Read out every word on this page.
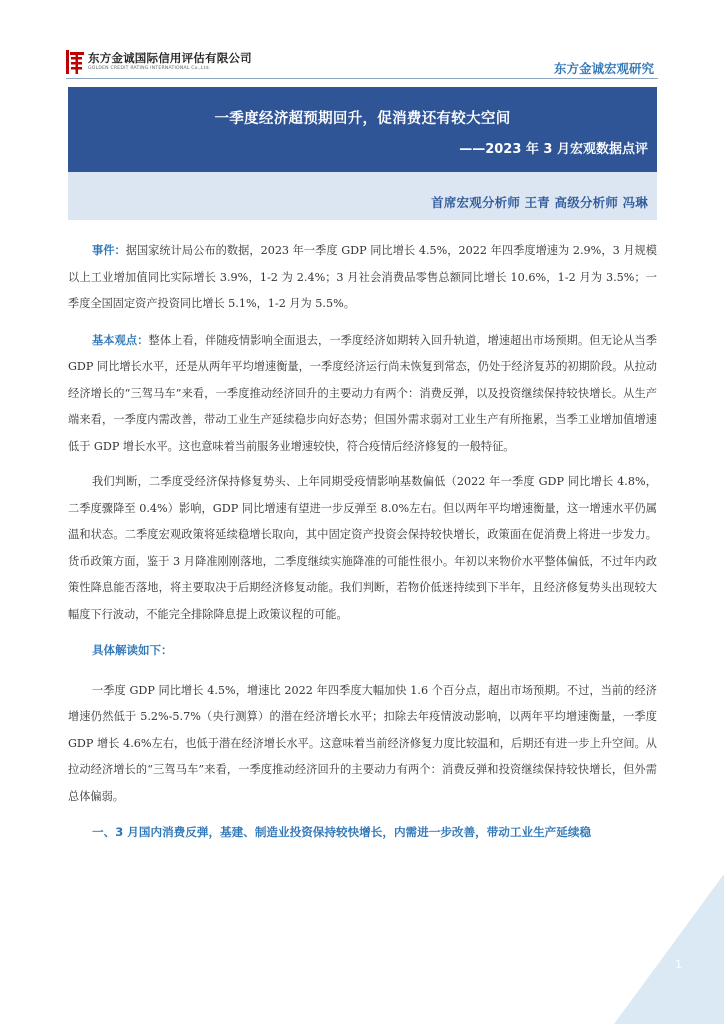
东方金诚国际信用评估有限公司
GOLDEN CREDIT RATING INTERNATIONAL Co.,Ltd.	东方金诚宏观研究
一季度经济超预期回升，促消费还有较大空间
——2023 年 3 月宏观数据点评
首席宏观分析师 王青 高级分析师 冯琳

事件：据国家统计局公布的数据，2023 年一季度 GDP 同比增长 4.5%，2022 年四季度增速为 2.9%，3 月规模以上工业增加值同比实际增长 3.9%，1-2 为 2.4%；3 月社会消费品零售总额同比增长 10.6%，1-2 月为 3.5%；一季度全国固定资产投资同比增长 5.1%，1-2 月为 5.5%。

基本观点：整体上看，伴随疫情影响全面退去，一季度经济如期转入回升轨道，增速超出市场预期。但无论从当季 GDP 同比增长水平，还是从两年平均增速衡量，一季度经济运行尚未恢复到常态，仍处于经济复苏的初期阶段。从拉动经济增长的“三驾马车”来看，一季度推动经济回升的主要动力有两个：消费反弹，以及投资继续保持较快增长。从生产端来看，一季度内需改善，带动工业生产延续稳步向好态势；但国外需求弱对工业生产有所拖累，当季工业增加值增速低于 GDP 增长水平。这也意味着当前服务业增速较快，符合疫情后经济修复的一般特征。

我们判断，二季度受经济保持修复势头、上年同期受疫情影响基数偏低（2022 年一季度 GDP 同比增长 4.8%，二季度骤降至 0.4%）影响，GDP 同比增速有望进一步反弹至 8.0%左右。但以两年平均增速衡量，这一增速水平仍属温和状态。二季度宏观政策将延续稳增长取向，其中固定资产投资会保持较快增长，政策面在促消费上将进一步发力。货币政策方面，鉴于 3 月降准刚刚落地，二季度继续实施降准的可能性很小。年初以来物价水平整体偏低，不过年内政策性降息能否落地，将主要取决于后期经济修复动能。我们判断，若物价低迷持续到下半年，且经济修复势头出现较大幅度下行波动，不能完全排除降息提上政策议程的可能。

具体解读如下：

一季度 GDP 同比增长 4.5%，增速比 2022 年四季度大幅加快 1.6 个百分点，超出市场预期。不过，当前的经济增速仍然低于 5.2%-5.7%（央行测算）的潜在经济增长水平；扣除去年疫情波动影响，以两年平均增速衡量，一季度 GDP 增长 4.6%左右，也低于潜在经济增长水平。这意味着当前经济修复力度比较温和，后期还有进一步上升空间。从拉动经济增长的“三驾马车”来看，一季度推动经济回升的主要动力有两个：消费反弹和投资继续保持较快增长，但外需总体偏弱。

一、3 月国内消费反弹，基建、制造业投资保持较快增长，内需进一步改善，带动工业生产延续稳

1
